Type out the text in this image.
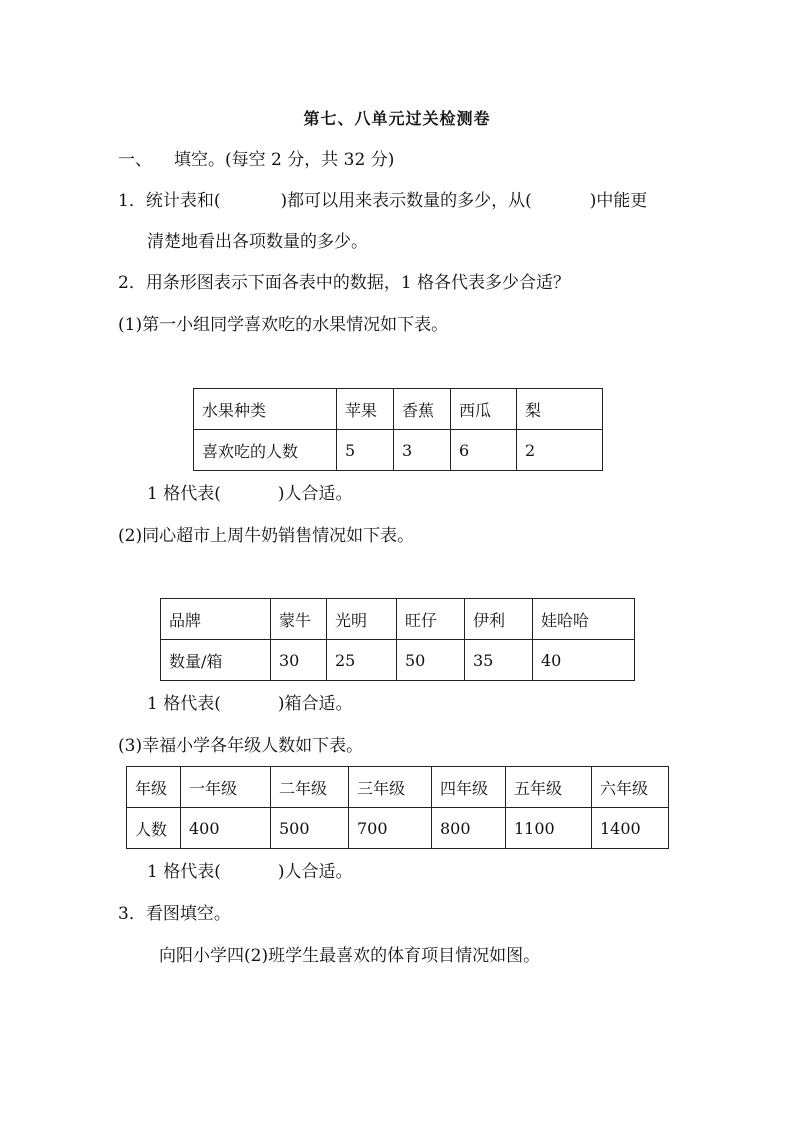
第七、八单元过关检测卷
一、 填空。(每空 2 分，共 32 分)
1．统计表和(	)都可以用来表示数量的多少，从(	)中能更
清楚地看出各项数量的多少。
2．用条形图表示下面各表中的数据，1 格各代表多少合适？
(1)第一小组同学喜欢吃的水果情况如下表。
水果种类	苹果	香蕉	西瓜	梨
喜欢吃的人数	5	3	6	2
1 格代表(	)人合适。
(2)同心超市上周牛奶销售情况如下表。
品牌	蒙牛	光明	旺仔	伊利	娃哈哈
数量/箱	30	25	50	35	40
1 格代表(	)箱合适。
(3)幸福小学各年级人数如下表。
年级	一年级	二年级	三年级	四年级	五年级	六年级
人数	400	500	700	800	1100	1400
1 格代表(	)人合适。
3．看图填空。
向阳小学四(2)班学生最喜欢的体育项目情况如图。
